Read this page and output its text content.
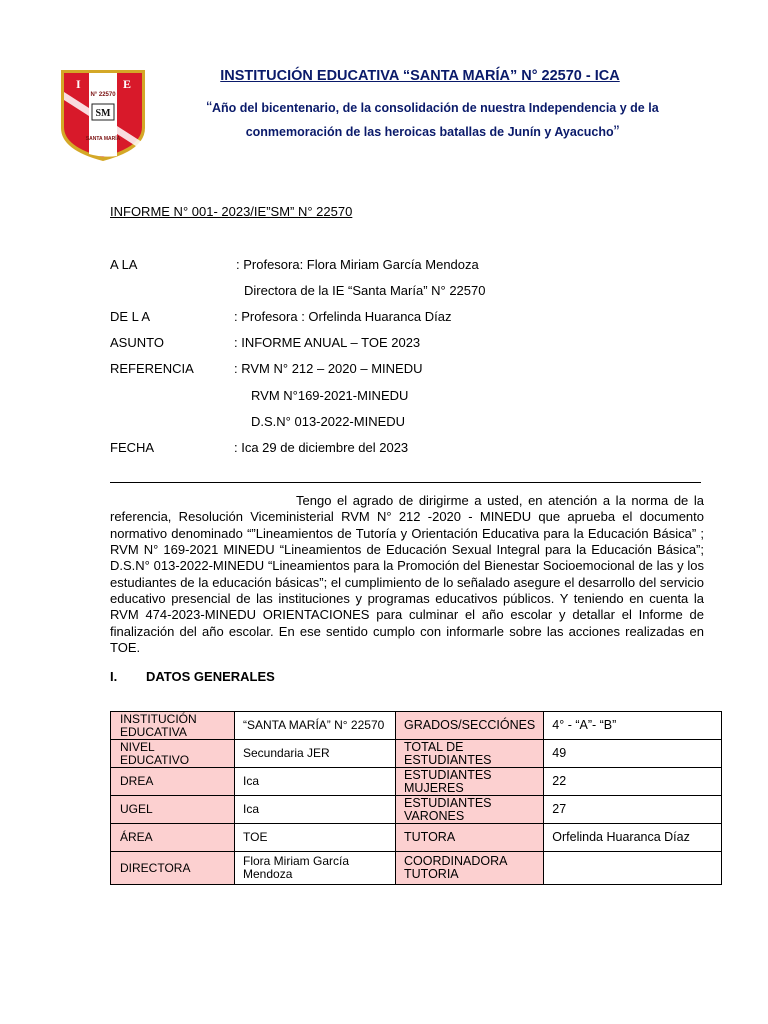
I	E
N° 22570
SM
SANTA MARÍA
INSTITUCIÓN EDUCATIVA “SANTA MARÍA” N° 22570 - ICA
“Año del bicentenario, de la consolidación de nuestra Independencia y de la
conmemoración de las heroicas batallas de Junín y Ayacucho”
INFORME N° 001- 2023/IE”SM” N° 22570
A LA	: Profesora: Flora Miriam García Mendoza
Directora de la IE “Santa María” N° 22570
DE L A	: Profesora : Orfelinda Huaranca Díaz
ASUNTO	: INFORME ANUAL – TOE 2023
REFERENCIA	: RVM N° 212 – 2020 – MINEDU
RVM N°169-2021-MINEDU
D.S.N° 013-2022-MINEDU
FECHA	: Ica 29 de diciembre del 2023
Tengo el agrado de dirigirme a usted, en atención a la norma de la referencia, Resolución Viceministerial RVM N° 212 -2020 - MINEDU que aprueba el documento normativo denominado “”Lineamientos de Tutoría y Orientación Educativa para la Educación Básica” ; RVM N° 169-2021 MINEDU “Lineamientos de Educación Sexual Integral para la Educación Básica”; D.S.N° 013-2022-MINEDU “Lineamientos para la Promoción del Bienestar Socioemocional de las y los estudiantes de la educación básicas”; el cumplimiento de lo señalado asegure el desarrollo del servicio educativo presencial de las instituciones y programas educativos públicos. Y teniendo en cuenta la RVM 474-2023-MINEDU ORIENTACIONES para culminar el año escolar y detallar el Informe de finalización del año escolar. En ese sentido cumplo con informarle sobre las acciones realizadas en TOE.
I. DATOS GENERALES
INSTITUCIÓN EDUCATIVA	“SANTA MARÍA” N° 22570	GRADOS/SECCIÓNES	4° - “A”- “B”
NIVEL EDUCATIVO	Secundaria JER	TOTAL DE ESTUDIANTES	49
DREA	Ica	ESTUDIANTES MUJERES	22
UGEL	Ica	ESTUDIANTES VARONES	27
ÁREA	TOE	TUTORA	Orfelinda Huaranca Díaz
DIRECTORA	Flora Miriam García Mendoza	COORDINADORA TUTORIA	
